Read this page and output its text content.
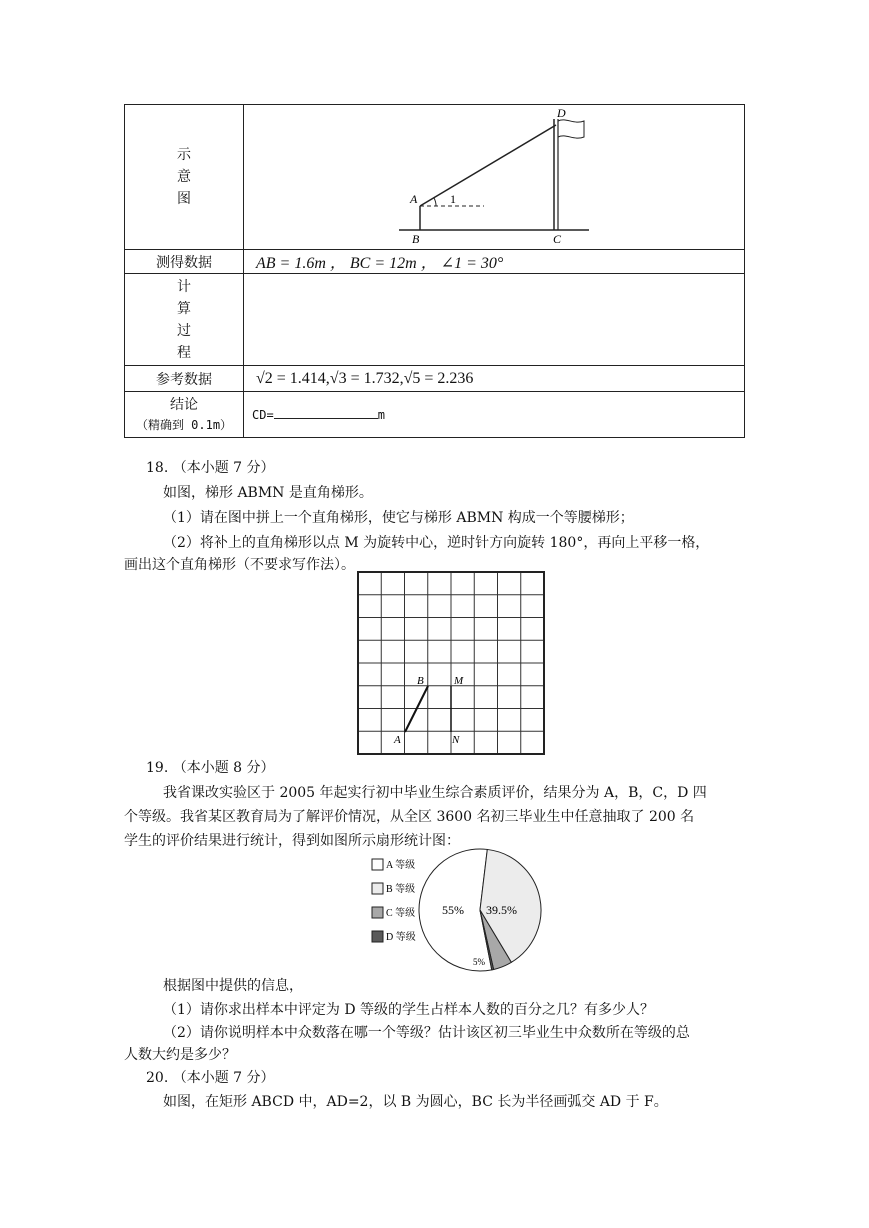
示
意
图	A
B C
D
1

测得数据	AB = 1.6m ， BC = 12m ， ∠1 = 30°

计
算
过
程	

参考数据	√2 = 1.414,√3 = 1.732,√5 = 2.236

结论
（精确到 0.1m）	CD= m
18. （本小题 7 分）
如图，梯形 ABMN 是直角梯形。
（1）请在图中拼上一个直角梯形，使它与梯形 ABMN 构成一个等腰梯形；
（2）将补上的直角梯形以点 M 为旋转中心，逆时针方向旋转 180°，再向上平移一格，
画出这个直角梯形（不要求写作法）。
B	M
A	N
19. （本小题 8 分）
我省课改实验区于 2005 年起实行初中毕业生综合素质评价，结果分为 A，B，C，D 四
个等级。我省某区教育局为了解评价情况，从全区 3600 名初三毕业生中任意抽取了 200 名
学生的评价结果进行统计，得到如图所示扇形统计图：
A 等级
B 等级
C 等级
D 等级
55% 39.5%
5%
根据图中提供的信息，
（1）请你求出样本中评定为 D 等级的学生占样本人数的百分之几？有多少人？
（2）请你说明样本中众数落在哪一个等级？估计该区初三毕业生中众数所在等级的总
人数大约是多少？
20. （本小题 7 分）
如图，在矩形 ABCD 中，AD=2，以 B 为圆心，BC 长为半径画弧交 AD 于 F。
